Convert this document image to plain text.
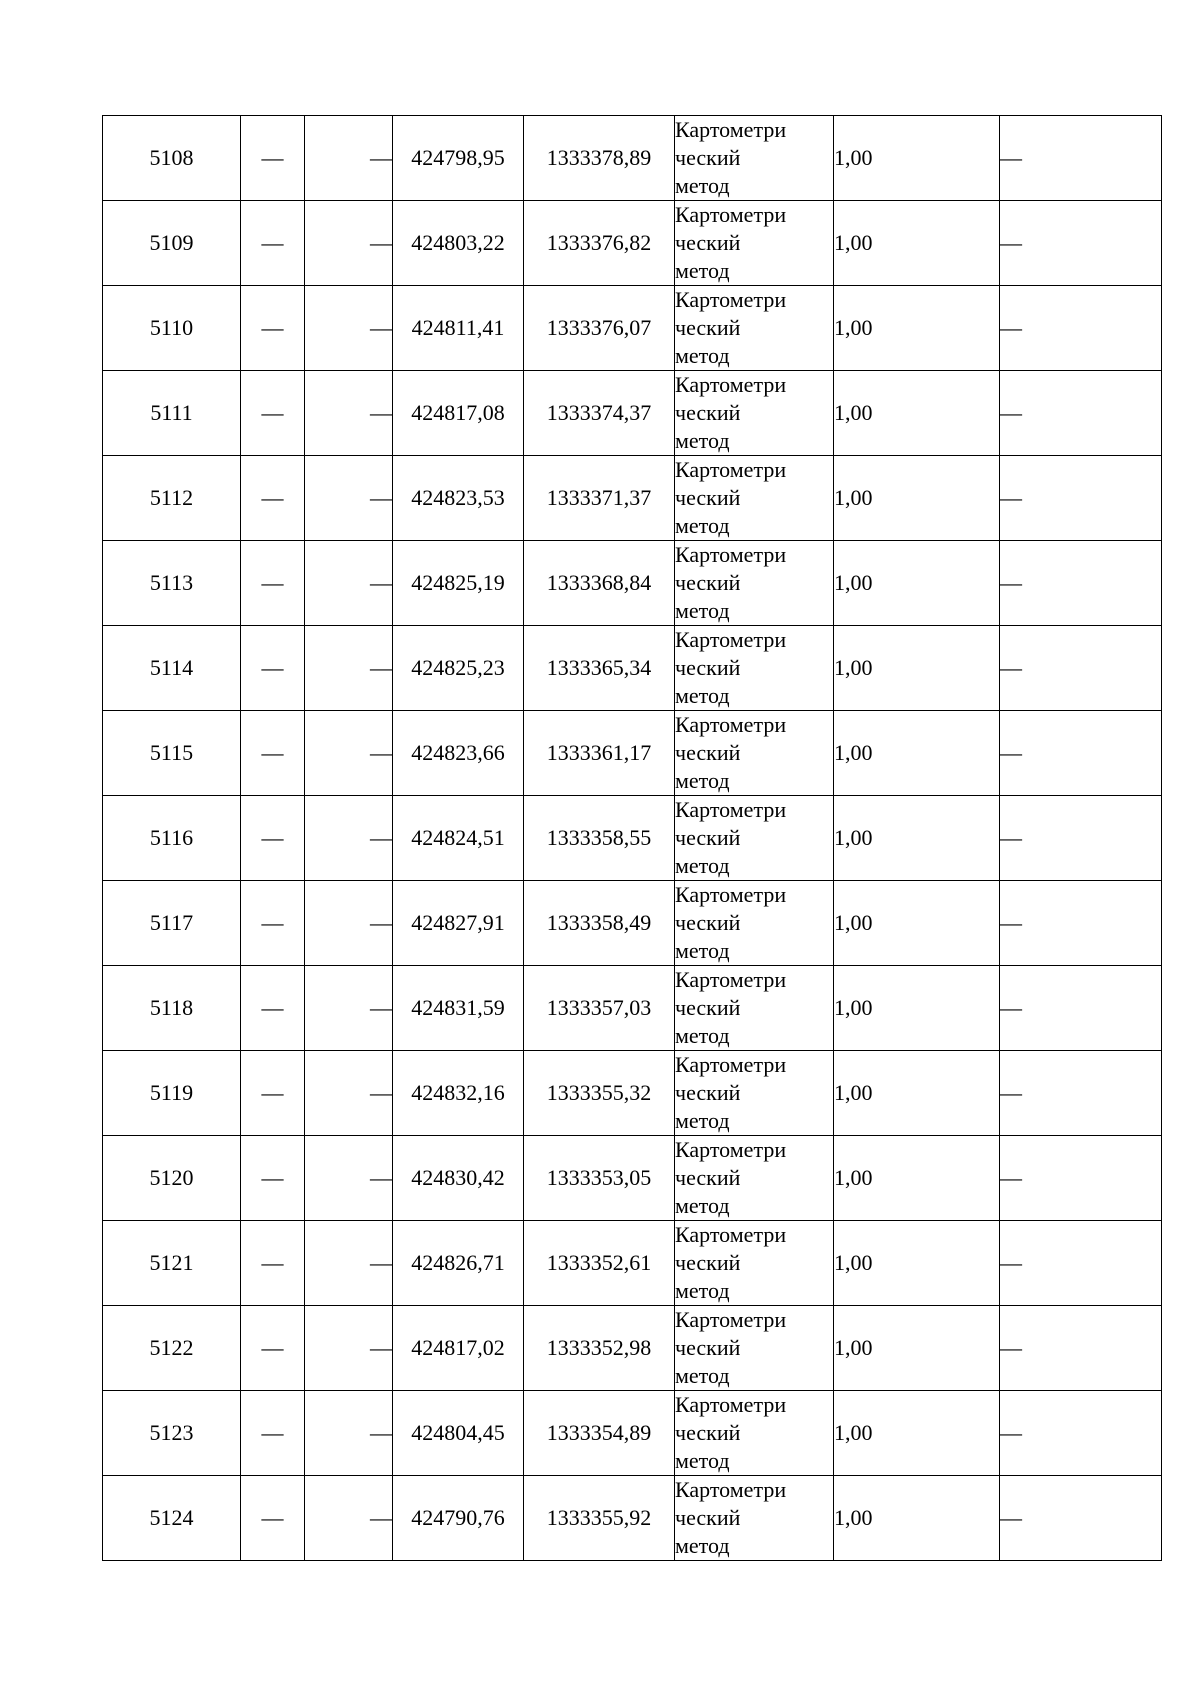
5108	—	—	424798,95	1333378,89	Картометри
ческий
метод	1,00	—
5109	—	—	424803,22	1333376,82	Картометри
ческий
метод	1,00	—
5110	—	—	424811,41	1333376,07	Картометри
ческий
метод	1,00	—
5111	—	—	424817,08	1333374,37	Картометри
ческий
метод	1,00	—
5112	—	—	424823,53	1333371,37	Картометри
ческий
метод	1,00	—
5113	—	—	424825,19	1333368,84	Картометри
ческий
метод	1,00	—
5114	—	—	424825,23	1333365,34	Картометри
ческий
метод	1,00	—
5115	—	—	424823,66	1333361,17	Картометри
ческий
метод	1,00	—
5116	—	—	424824,51	1333358,55	Картометри
ческий
метод	1,00	—
5117	—	—	424827,91	1333358,49	Картометри
ческий
метод	1,00	—
5118	—	—	424831,59	1333357,03	Картометри
ческий
метод	1,00	—
5119	—	—	424832,16	1333355,32	Картометри
ческий
метод	1,00	—
5120	—	—	424830,42	1333353,05	Картометри
ческий
метод	1,00	—
5121	—	—	424826,71	1333352,61	Картометри
ческий
метод	1,00	—
5122	—	—	424817,02	1333352,98	Картометри
ческий
метод	1,00	—
5123	—	—	424804,45	1333354,89	Картометри
ческий
метод	1,00	—
5124	—	—	424790,76	1333355,92	Картометри
ческий
метод	1,00	—
